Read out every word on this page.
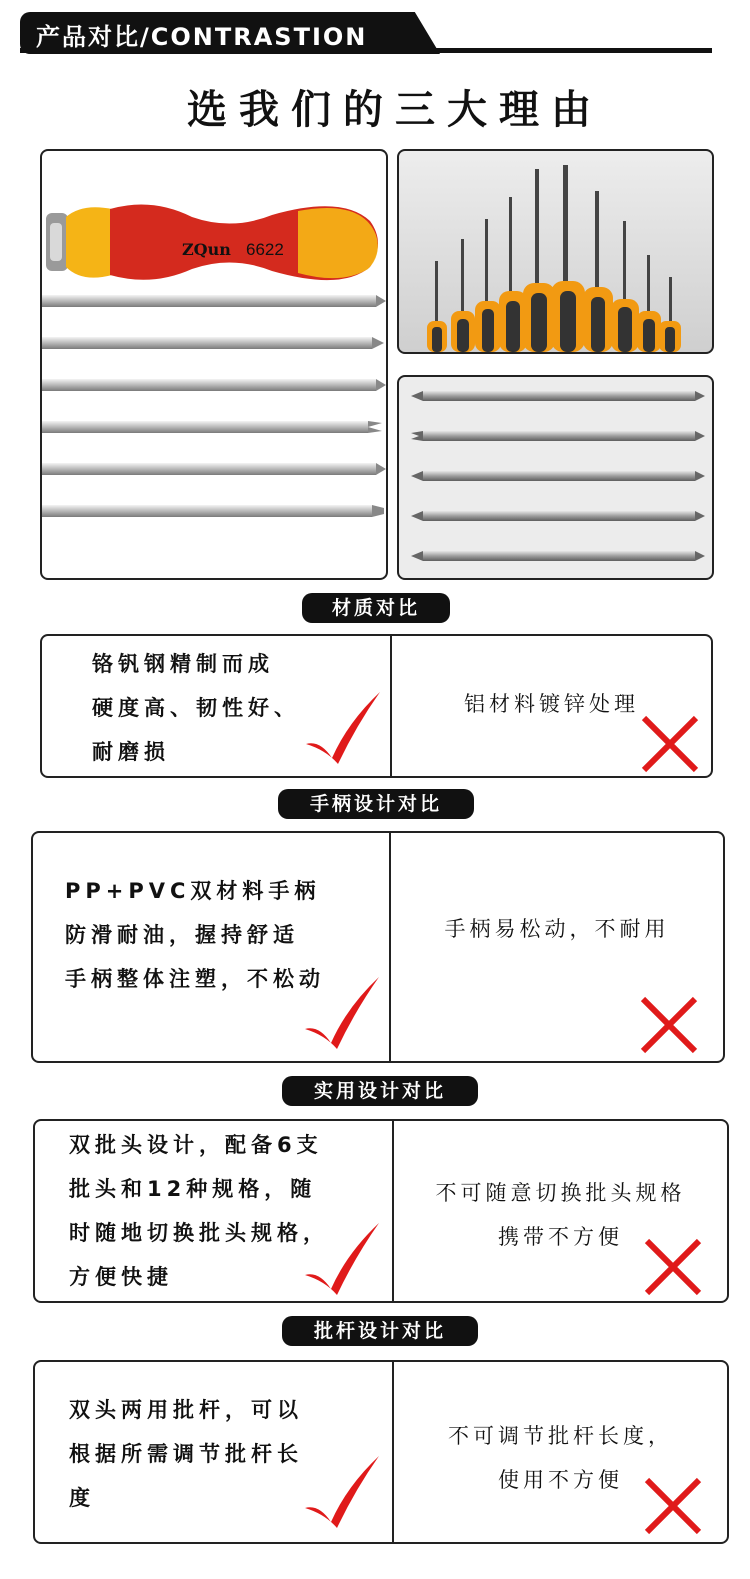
产品对比/CONTRASTION
选我们的三大理由
ZQun 6622
材质对比
铬钒钢精制而成
硬度高、韧性好、
耐磨损
铝材料镀锌处理
手柄设计对比
PP+PVC双材料手柄
防滑耐油，握持舒适
手柄整体注塑，不松动
手柄易松动，不耐用
实用设计对比
双批头设计，配备6支
批头和12种规格，随
时随地切换批头规格，
方便快捷
不可随意切换批头规格
携带不方便
批杆设计对比
双头两用批杆，可以
根据所需调节批杆长
度
不可调节批杆长度，
使用不方便
